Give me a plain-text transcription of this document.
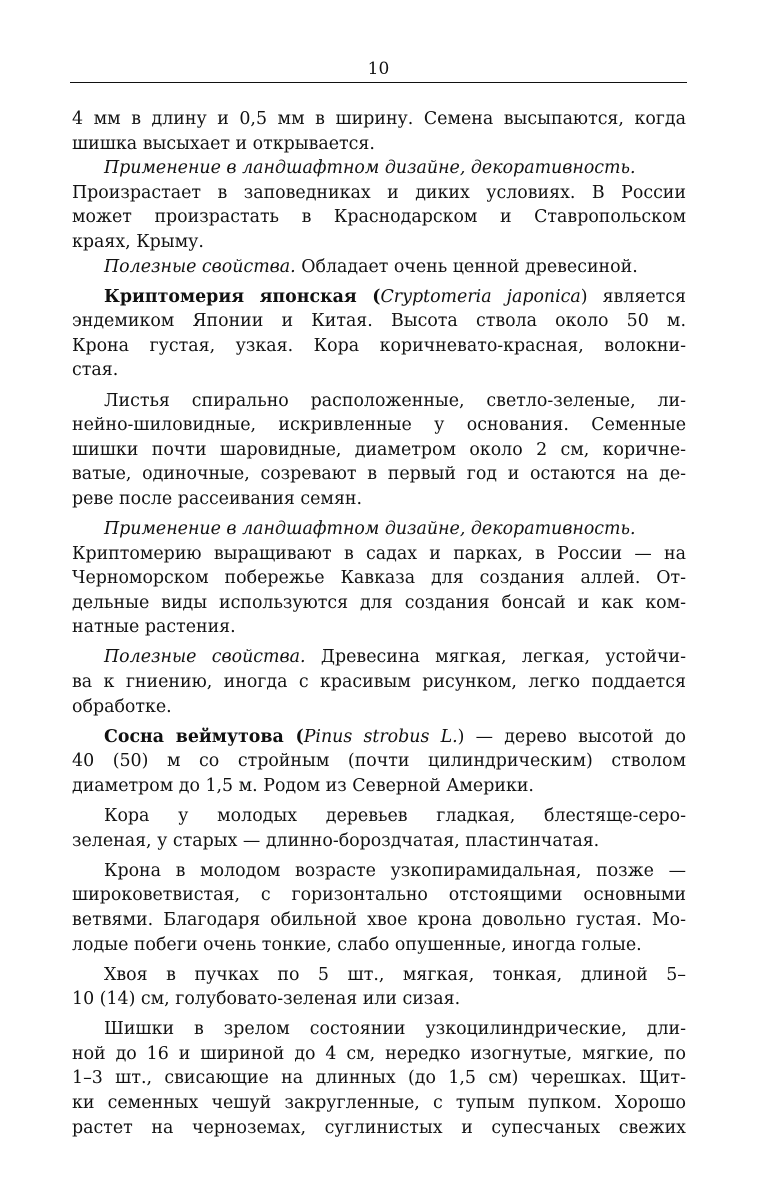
10
4 мм в длину и 0,5 мм в ширину. Семена высыпаются, когда
шишка высыхает и открывается.
Применение в ландшафтном дизайне, декоративность.
Произрастает в заповедниках и диких условиях. В России
может произрастать в Краснодарском и Ставропольском
краях, Крыму.
Полезные свойства. Обладает очень ценной древесиной.
Криптомерия японская (Cryptomeria japonica) является
эндемиком Японии и Китая. Высота ствола около 50 м.
Крона густая, узкая. Кора коричневато-красная, волокни-
стая.
Листья спирально расположенные, светло-зеленые, ли-
нейно-шиловидные, искривленные у основания. Семенные
шишки почти шаровидные, диаметром около 2 см, коричне-
ватые, одиночные, созревают в первый год и остаются на де-
реве после рассеивания семян.
Применение в ландшафтном дизайне, декоративность.
Криптомерию выращивают в садах и парках, в России — на
Черноморском побережье Кавказа для создания аллей. От-
дельные виды используются для создания бонсай и как ком-
натные растения.
Полезные свойства. Древесина мягкая, легкая, устойчи-
ва к гниению, иногда с красивым рисунком, легко поддается
обработке.
Сосна веймутова (Pinus strobus L.) — дерево высотой до
40 (50) м со стройным (почти цилиндрическим) стволом
диаметром до 1,5 м. Родом из Северной Америки.
Кора у молодых деревьев гладкая, блестяще-серо-
зеленая, у старых — длинно-бороздчатая, пластинчатая.
Крона в молодом возрасте узкопирамидальная, позже —
широковетвистая, с горизонтально отстоящими основными
ветвями. Благодаря обильной хвое крона довольно густая. Мо-
лодые побеги очень тонкие, слабо опушенные, иногда голые.
Хвоя в пучках по 5 шт., мягкая, тонкая, длиной 5–
10 (14) см, голубовато-зеленая или сизая.
Шишки в зрелом состоянии узкоцилиндрические, дли-
ной до 16 и шириной до 4 см, нередко изогнутые, мягкие, по
1–3 шт., свисающие на длинных (до 1,5 см) черешках. Щит-
ки семенных чешуй закругленные, с тупым пупком. Хорошо
растет на черноземах, суглинистых и супесчаных свежих
